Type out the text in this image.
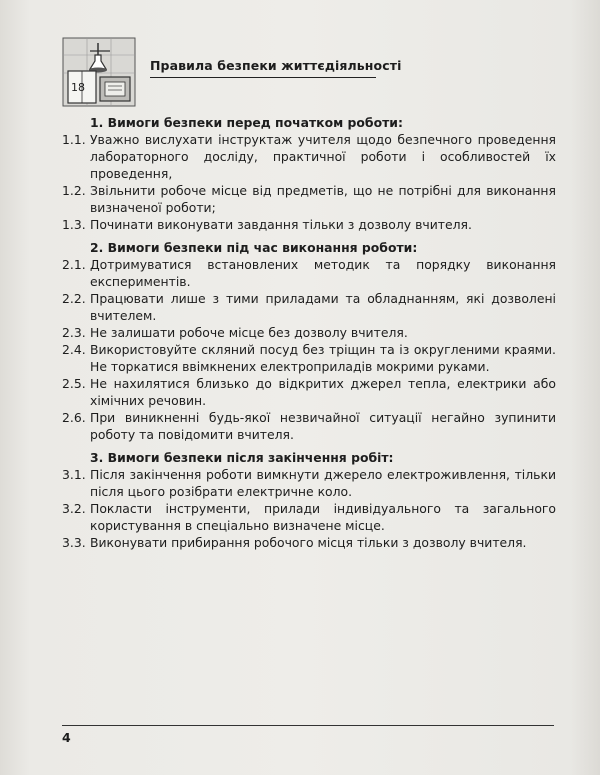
18
Правила безпеки життєдіяльності
1. Вимоги безпеки перед початком роботи:
1.1. Уважно вислухати інструктаж учителя щодо безпечного проведення лабораторного досліду, практичної роботи і особливостей їх проведення,
1.2. Звільнити робоче місце від предметів, що не потрібні для виконання визначеної роботи;
1.3. Починати виконувати завдання тільки з дозволу вчителя.
2. Вимоги безпеки під час виконання роботи:
2.1. Дотримуватися встановлених методик та порядку виконання експериментів.
2.2. Працювати лише з тими приладами та обладнанням, які дозволені вчителем.
2.3. Не залишати робоче місце без дозволу вчителя.
2.4. Використовуйте скляний посуд без тріщин та із округленими краями. Не торкатися ввімкнених електроприладів мокрими руками.
2.5. Не нахилятися близько до відкритих джерел тепла, електрики або хімічних речовин.
2.6. При виникненні будь-якої незвичайної ситуації негайно зупинити роботу та повідомити вчителя.
3. Вимоги безпеки після закінчення робіт:
3.1. Після закінчення роботи вимкнути джерело електроживлення, тільки після цього розібрати електричне коло.
3.2. Покласти інструменти, прилади індивідуального та загального користування в спеціально визначене місце.
3.3. Виконувати прибирання робочого місця тільки з дозволу вчителя.
4
